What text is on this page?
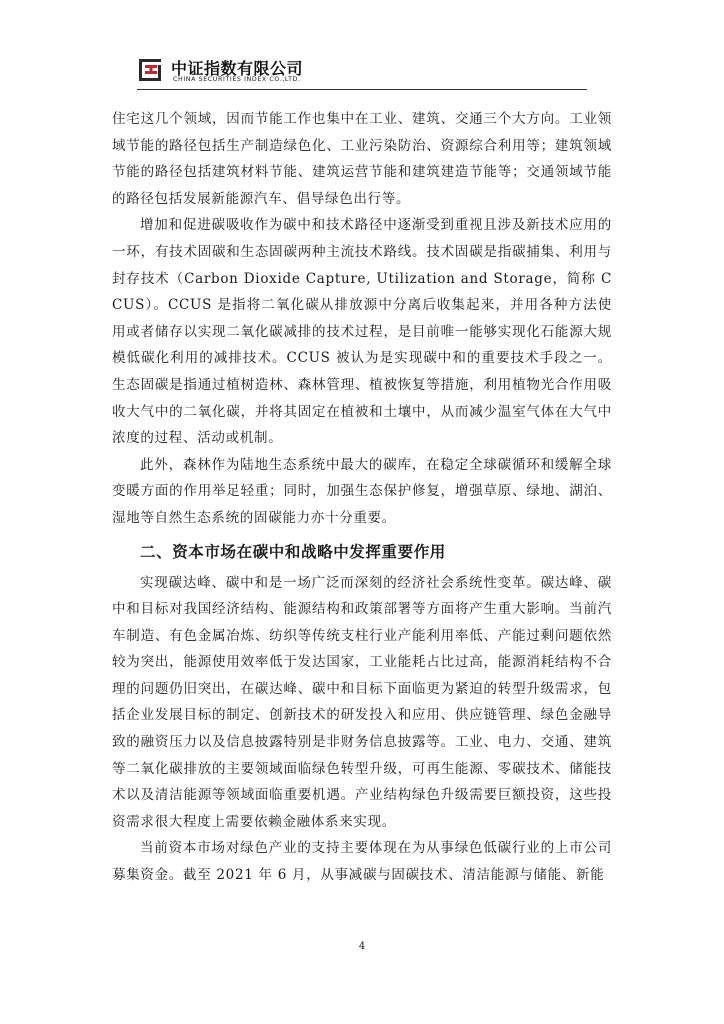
中证指数有限公司
CHINA SECURITIES INDEX CO.,LTD.

住宅这几个领域，因而节能工作也集中在工业、建筑、交通三个大方向。工业领域节能的路径包括生产制造绿色化、工业污染防治、资源综合利用等；建筑领域节能的路径包括建筑材料节能、建筑运营节能和建筑建造节能等；交通领域节能的路径包括发展新能源汽车、倡导绿色出行等。

增加和促进碳吸收作为碳中和技术路径中逐渐受到重视且涉及新技术应用的一环，有技术固碳和生态固碳两种主流技术路线。技术固碳是指碳捕集、利用与封存技术（Carbon Dioxide Capture, Utilization and Storage，简称 CCUS）。CCUS 是指将二氧化碳从排放源中分离后收集起来，并用各种方法使用或者储存以实现二氧化碳减排的技术过程，是目前唯一能够实现化石能源大规模低碳化利用的减排技术。CCUS 被认为是实现碳中和的重要技术手段之一。生态固碳是指通过植树造林、森林管理、植被恢复等措施，利用植物光合作用吸收大气中的二氧化碳，并将其固定在植被和土壤中，从而减少温室气体在大气中浓度的过程、活动或机制。

此外，森林作为陆地生态系统中最大的碳库，在稳定全球碳循环和缓解全球变暖方面的作用举足轻重；同时，加强生态保护修复，增强草原、绿地、湖泊、湿地等自然生态系统的固碳能力亦十分重要。

二、资本市场在碳中和战略中发挥重要作用

实现碳达峰、碳中和是一场广泛而深刻的经济社会系统性变革。碳达峰、碳中和目标对我国经济结构、能源结构和政策部署等方面将产生重大影响。当前汽车制造、有色金属冶炼、纺织等传统支柱行业产能利用率低、产能过剩问题依然较为突出，能源使用效率低于发达国家，工业能耗占比过高，能源消耗结构不合理的问题仍旧突出，在碳达峰、碳中和目标下面临更为紧迫的转型升级需求，包括企业发展目标的制定、创新技术的研发投入和应用、供应链管理、绿色金融导致的融资压力以及信息披露特别是非财务信息披露等。工业、电力、交通、建筑等二氧化碳排放的主要领域面临绿色转型升级，可再生能源、零碳技术、储能技术以及清洁能源等领域面临重要机遇。产业结构绿色升级需要巨额投资，这些投资需求很大程度上需要依赖金融体系来实现。

当前资本市场对绿色产业的支持主要体现在为从事绿色低碳行业的上市公司募集资金。截至 2021 年 6 月，从事减碳与固碳技术、清洁能源与储能、新能

4
